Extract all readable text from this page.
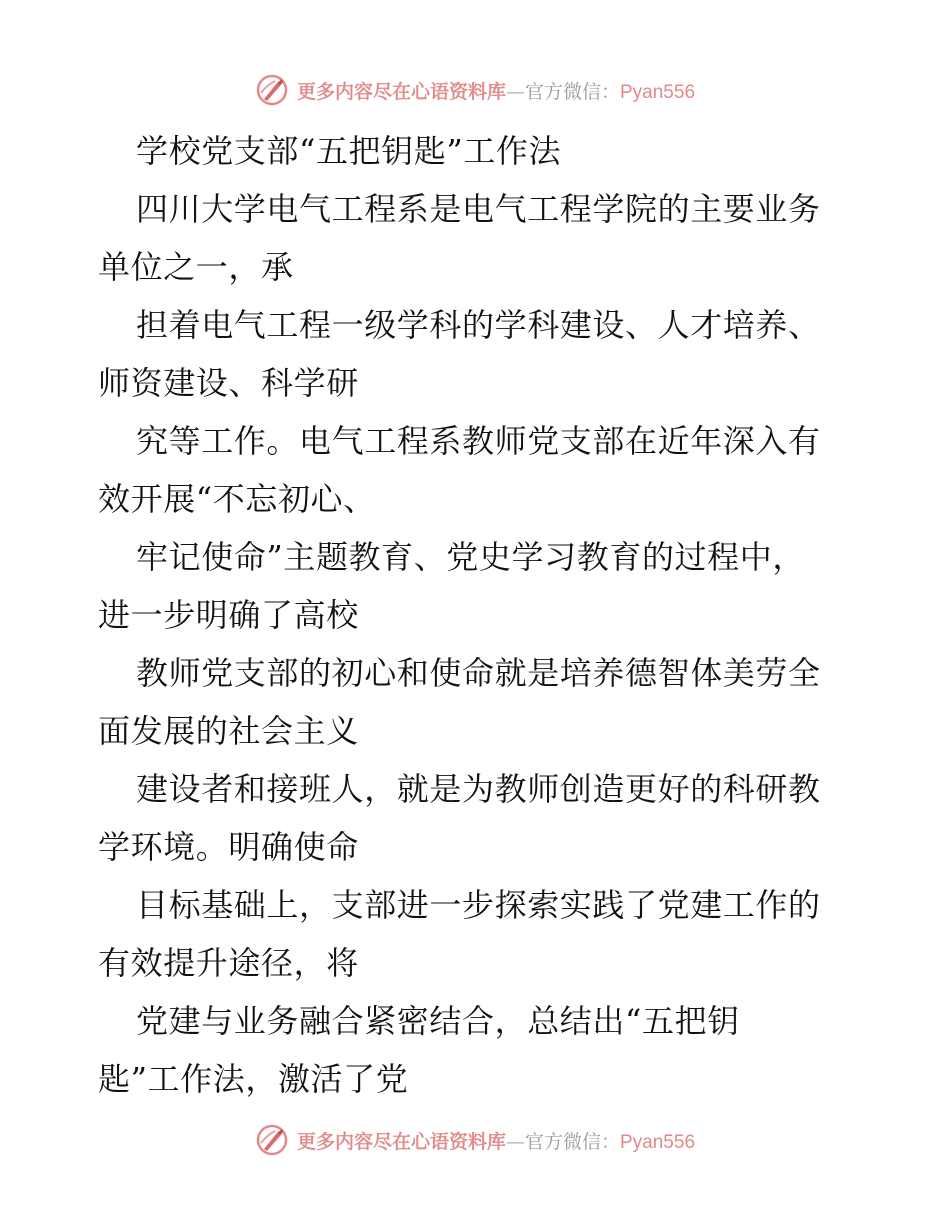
更多内容尽在心语资料库 — 官方微信： Pyan556
学校党支部“五把钥匙”工作法
四川大学电气工程系是电气工程学院的主要业务
单位之一，承
担着电气工程一级学科的学科建设、人才培养、
师资建设、科学研
究等工作。电气工程系教师党支部在近年深入有
效开展“不忘初心、
牢记使命”主题教育、党史学习教育的过程中，
进一步明确了高校
教师党支部的初心和使命就是培养德智体美劳全
面发展的社会主义
建设者和接班人，就是为教师创造更好的科研教
学环境。明确使命
目标基础上，支部进一步探索实践了党建工作的
有效提升途径，将
党建与业务融合紧密结合，总结出“五把钥
匙”工作法，激活了党
更多内容尽在心语资料库 — 官方微信： Pyan556
